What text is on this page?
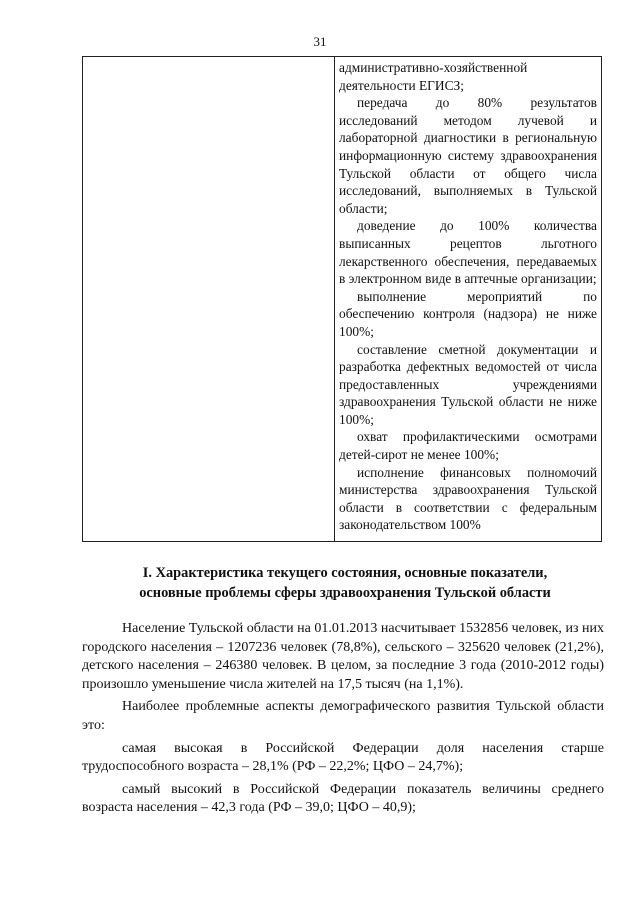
31

административно-хозяйственной деятельности ЕГИСЗ;

передача до 80% результатов исследований методом лучевой и лабораторной диагностики в региональную информационную систему здравоохранения Тульской области от общего числа исследований, выполняемых в Тульской области;

доведение до 100% количества выписанных рецептов льготного лекарственного обеспечения, передаваемых в электронном виде в аптечные организации;

выполнение мероприятий по обеспечению контроля (надзора) не ниже 100%;

составление сметной документации и разработка дефектных ведомостей от числа предоставленных учреждениями здравоохранения Тульской области не ниже 100%;

охват профилактическими осмотрами детей-сирот не менее 100%;

исполнение финансовых полномочий министерства здравоохранения Тульской области в соответствии с федеральным законодательством 100%

I. Характеристика текущего состояния, основные показатели,
основные проблемы сферы здравоохранения Тульской области

Население Тульской области на 01.01.2013 насчитывает 1532856 человек, из них городского населения – 1207236 человек (78,8%), сельского – 325620 человек (21,2%), детского населения – 246380 человек. В целом, за последние 3 года (2010-2012 годы) произошло уменьшение числа жителей на 17,5 тысяч (на 1,1%).

Наиболее проблемные аспекты демографического развития Тульской области это:

самая высокая в Российской Федерации доля населения старше трудоспособного возраста – 28,1% (РФ – 22,2%; ЦФО – 24,7%);

самый высокий в Российской Федерации показатель величины среднего возраста населения – 42,3 года (РФ – 39,0; ЦФО – 40,9);
